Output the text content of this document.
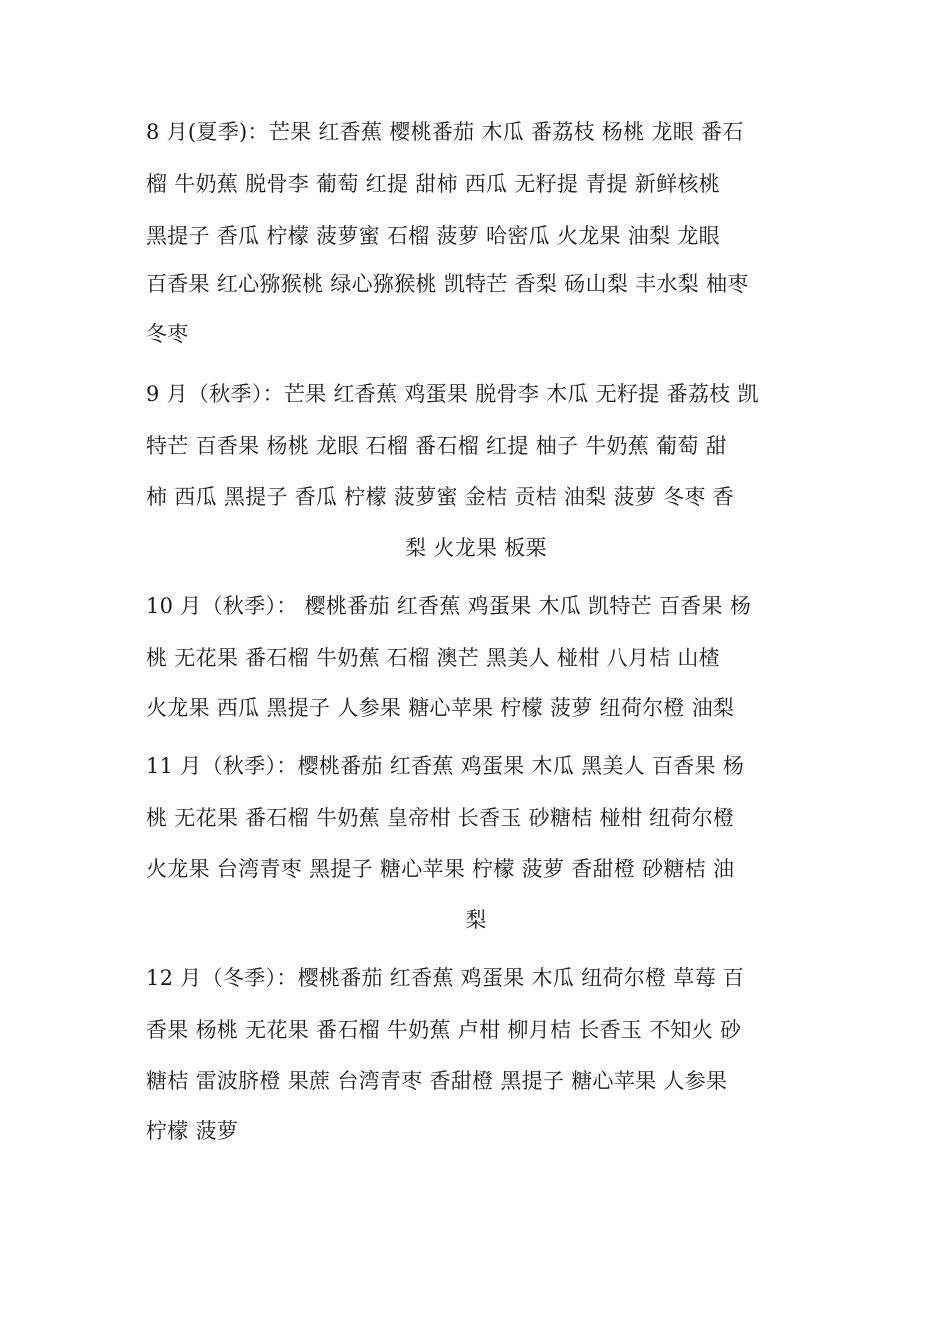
8 月(夏季)：芒果 红香蕉 樱桃番茄 木瓜 番荔枝 杨桃 龙眼 番石
榴 牛奶蕉 脱骨李 葡萄 红提 甜柿 西瓜 无籽提 青提 新鲜核桃
黑提子 香瓜 柠檬 菠萝蜜 石榴 菠萝 哈密瓜 火龙果 油梨 龙眼
百香果 红心猕猴桃 绿心猕猴桃 凯特芒 香梨 砀山梨 丰水梨 柚枣
冬枣
9 月（秋季）：芒果 红香蕉 鸡蛋果 脱骨李 木瓜 无籽提 番荔枝 凯
特芒 百香果 杨桃 龙眼 石榴 番石榴 红提 柚子 牛奶蕉 葡萄 甜
柿 西瓜 黑提子 香瓜 柠檬 菠萝蜜 金桔 贡桔 油梨 菠萝 冬枣 香
梨 火龙果 板栗
10 月（秋季）： 樱桃番茄 红香蕉 鸡蛋果 木瓜 凯特芒 百香果 杨
桃 无花果 番石榴 牛奶蕉 石榴 澳芒 黑美人 椪柑 八月桔 山楂
火龙果 西瓜 黑提子 人参果 糖心苹果 柠檬 菠萝 纽荷尔橙 油梨
11 月（秋季）：樱桃番茄 红香蕉 鸡蛋果 木瓜 黑美人 百香果 杨
桃 无花果 番石榴 牛奶蕉 皇帝柑 长香玉 砂糖桔 椪柑 纽荷尔橙
火龙果 台湾青枣 黑提子 糖心苹果 柠檬 菠萝 香甜橙 砂糖桔 油
梨
12 月（冬季）：樱桃番茄 红香蕉 鸡蛋果 木瓜 纽荷尔橙 草莓 百
香果 杨桃 无花果 番石榴 牛奶蕉 卢柑 柳月桔 长香玉 不知火 砂
糖桔 雷波脐橙 果蔗 台湾青枣 香甜橙 黑提子 糖心苹果 人参果
柠檬 菠萝
